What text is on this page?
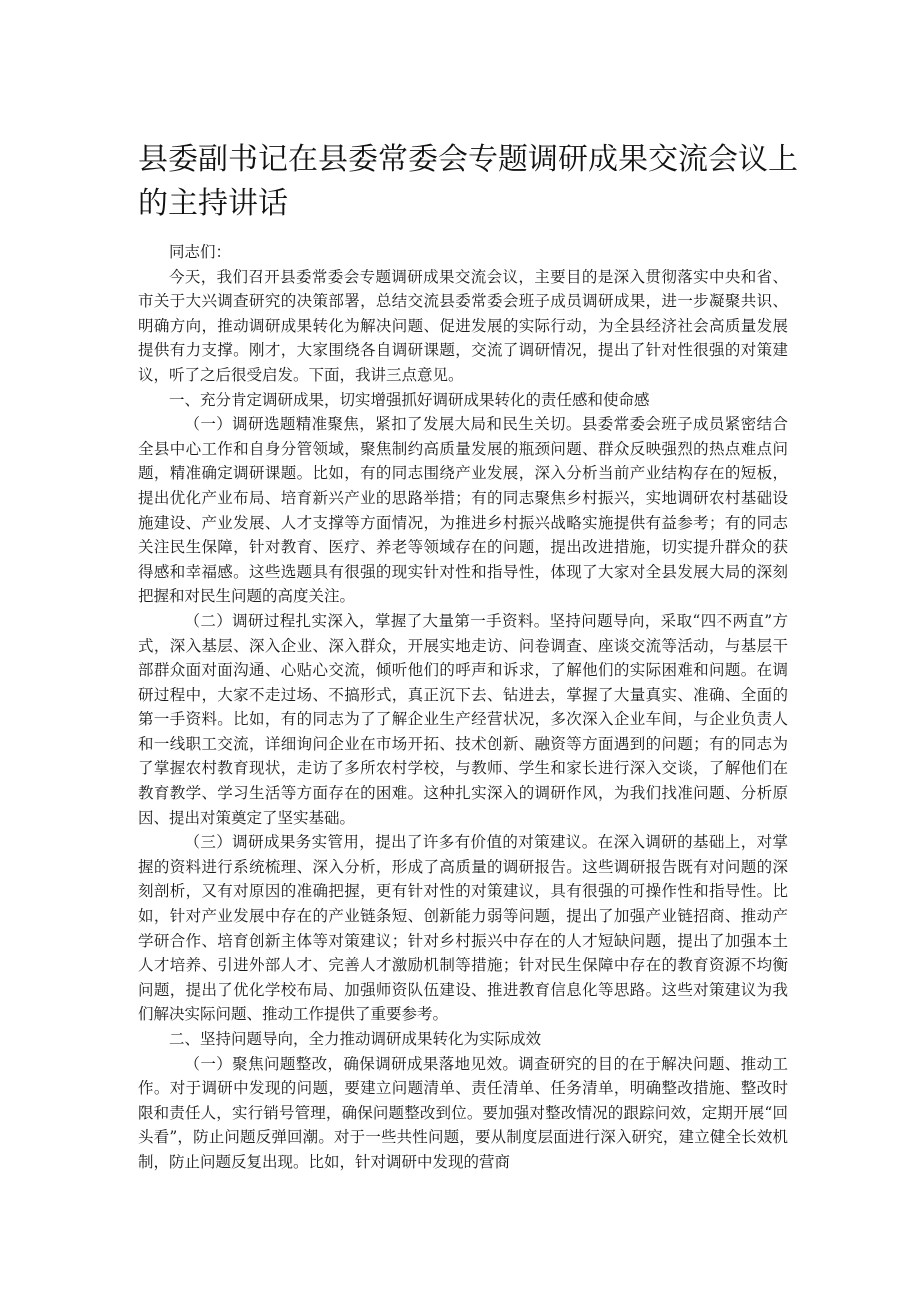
县委副书记在县委常委会专题调研成果交流会议上
的主持讲话

同志们：

今天，我们召开县委常委会专题调研成果交流会议，主要目的是深入贯彻落实中央和省、市关于大兴调查研究的决策部署，总结交流县委常委会班子成员调研成果，进一步凝聚共识、明确方向，推动调研成果转化为解决问题、促进发展的实际行动，为全县经济社会高质量发展提供有力支撑。刚才，大家围绕各自调研课题，交流了调研情况，提出了针对性很强的对策建议，听了之后很受启发。下面，我讲三点意见。

一、充分肯定调研成果，切实增强抓好调研成果转化的责任感和使命感

（一）调研选题精准聚焦，紧扣了发展大局和民生关切。县委常委会班子成员紧密结合全县中心工作和自身分管领域，聚焦制约高质量发展的瓶颈问题、群众反映强烈的热点难点问题，精准确定调研课题。比如，有的同志围绕产业发展，深入分析当前产业结构存在的短板，提出优化产业布局、培育新兴产业的思路举措；有的同志聚焦乡村振兴，实地调研农村基础设施建设、产业发展、人才支撑等方面情况，为推进乡村振兴战略实施提供有益参考；有的同志关注民生保障，针对教育、医疗、养老等领域存在的问题，提出改进措施，切实提升群众的获得感和幸福感。这些选题具有很强的现实针对性和指导性，体现了大家对全县发展大局的深刻把握和对民生问题的高度关注。

（二）调研过程扎实深入，掌握了大量第一手资料。坚持问题导向，采取“四不两直”方式，深入基层、深入企业、深入群众，开展实地走访、问卷调查、座谈交流等活动，与基层干部群众面对面沟通、心贴心交流，倾听他们的呼声和诉求，了解他们的实际困难和问题。在调研过程中，大家不走过场、不搞形式，真正沉下去、钻进去，掌握了大量真实、准确、全面的第一手资料。比如，有的同志为了了解企业生产经营状况，多次深入企业车间，与企业负责人和一线职工交流，详细询问企业在市场开拓、技术创新、融资等方面遇到的问题；有的同志为了掌握农村教育现状，走访了多所农村学校，与教师、学生和家长进行深入交谈，了解他们在教育教学、学习生活等方面存在的困难。这种扎实深入的调研作风，为我们找准问题、分析原因、提出对策奠定了坚实基础。

（三）调研成果务实管用，提出了许多有价值的对策建议。在深入调研的基础上，对掌握的资料进行系统梳理、深入分析，形成了高质量的调研报告。这些调研报告既有对问题的深刻剖析，又有对原因的准确把握，更有针对性的对策建议，具有很强的可操作性和指导性。比如，针对产业发展中存在的产业链条短、创新能力弱等问题，提出了加强产业链招商、推动产学研合作、培育创新主体等对策建议；针对乡村振兴中存在的人才短缺问题，提出了加强本土人才培养、引进外部人才、完善人才激励机制等措施；针对民生保障中存在的教育资源不均衡问题，提出了优化学校布局、加强师资队伍建设、推进教育信息化等思路。这些对策建议为我们解决实际问题、推动工作提供了重要参考。

二、坚持问题导向，全力推动调研成果转化为实际成效

（一）聚焦问题整改，确保调研成果落地见效。调查研究的目的在于解决问题、推动工作。对于调研中发现的问题，要建立问题清单、责任清单、任务清单，明确整改措施、整改时限和责任人，实行销号管理，确保问题整改到位。要加强对整改情况的跟踪问效，定期开展“回头看”，防止问题反弹回潮。对于一些共性问题，要从制度层面进行深入研究，建立健全长效机制，防止问题反复出现。比如，针对调研中发现的营商
